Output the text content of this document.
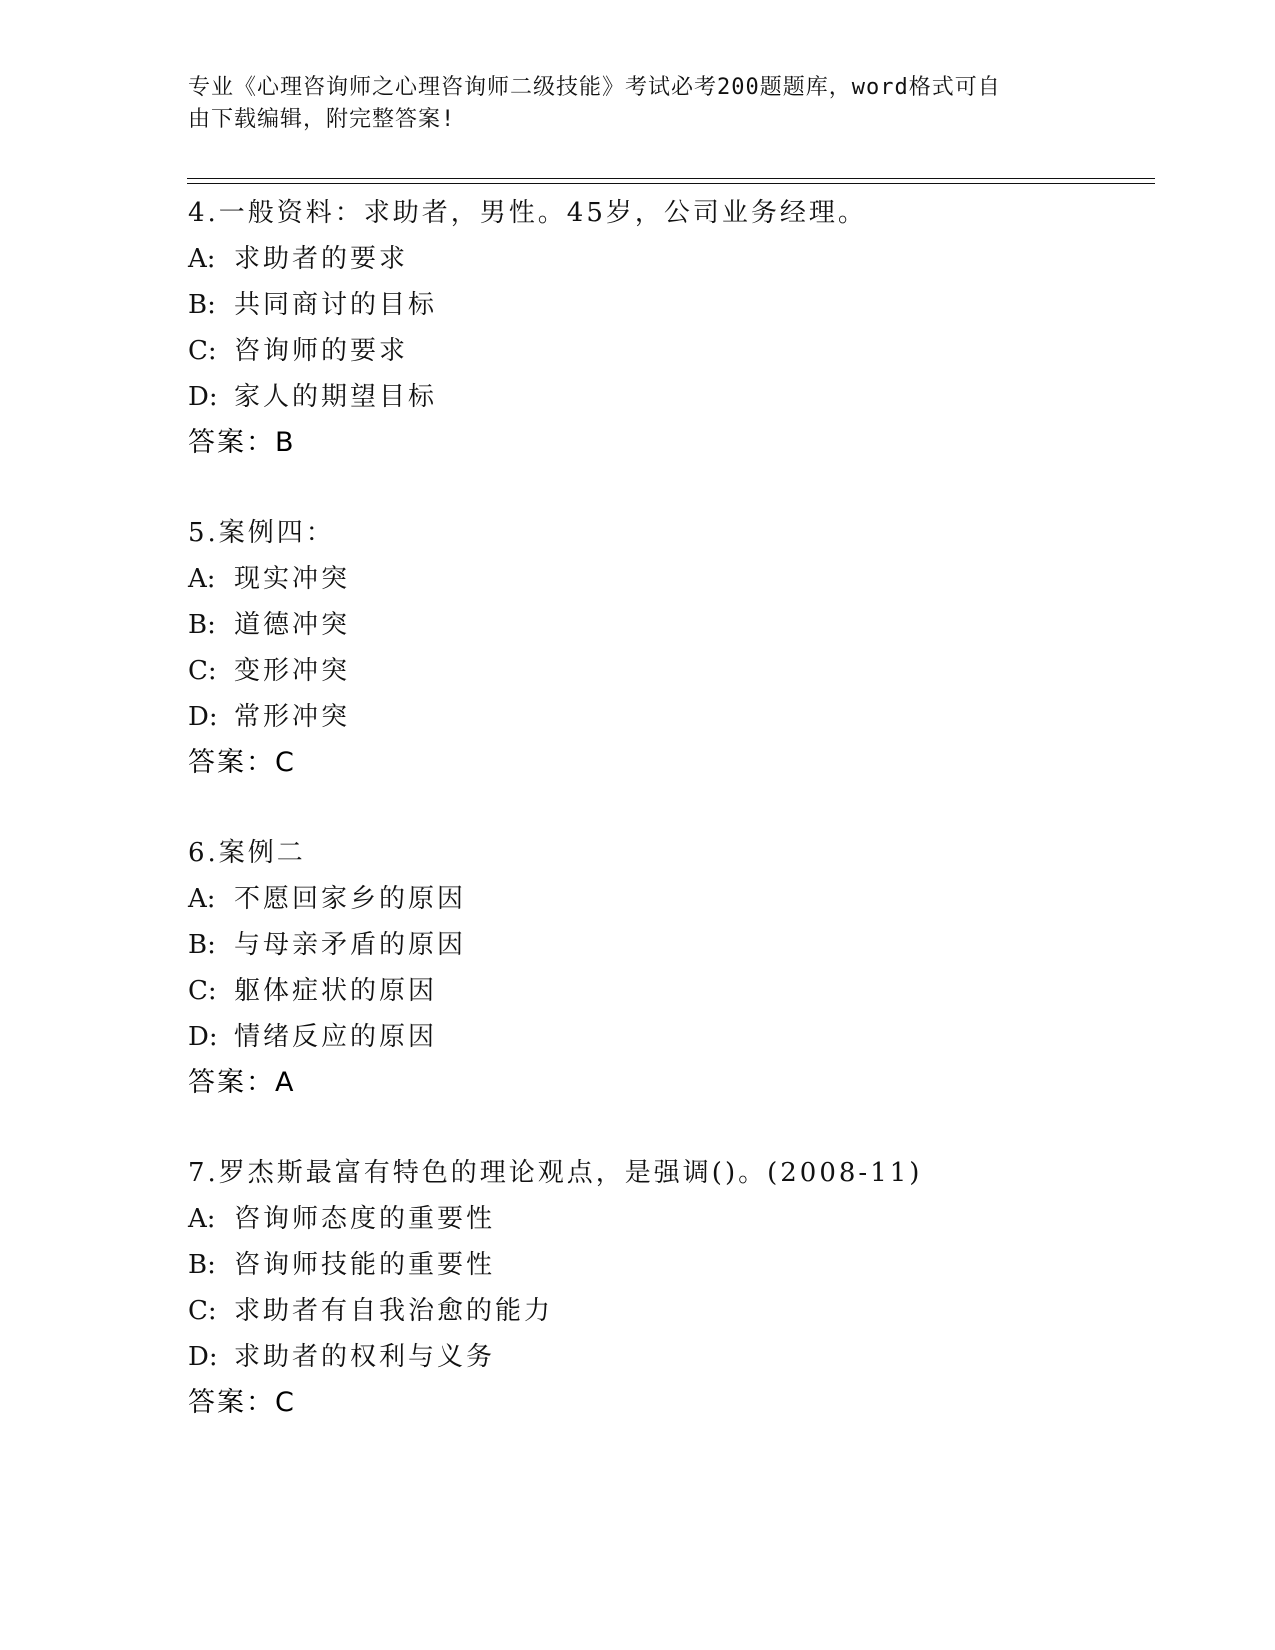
专业《心理咨询师之心理咨询师二级技能》考试必考200题题库，word格式可自
由下载编辑，附完整答案!
4.一般资料：求助者，男性。45岁，公司业务经理。
A: 求助者的要求
B: 共同商讨的目标
C: 咨询师的要求
D: 家人的期望目标
答案：B
5.案例四：
A: 现实冲突
B: 道德冲突
C: 变形冲突
D: 常形冲突
答案：C
6.案例二
A: 不愿回家乡的原因
B: 与母亲矛盾的原因
C: 躯体症状的原因
D: 情绪反应的原因
答案：A
7.罗杰斯最富有特色的理论观点，是强调()。(2008-11)
A: 咨询师态度的重要性
B: 咨询师技能的重要性
C: 求助者有自我治愈的能力
D: 求助者的权利与义务
答案：C
